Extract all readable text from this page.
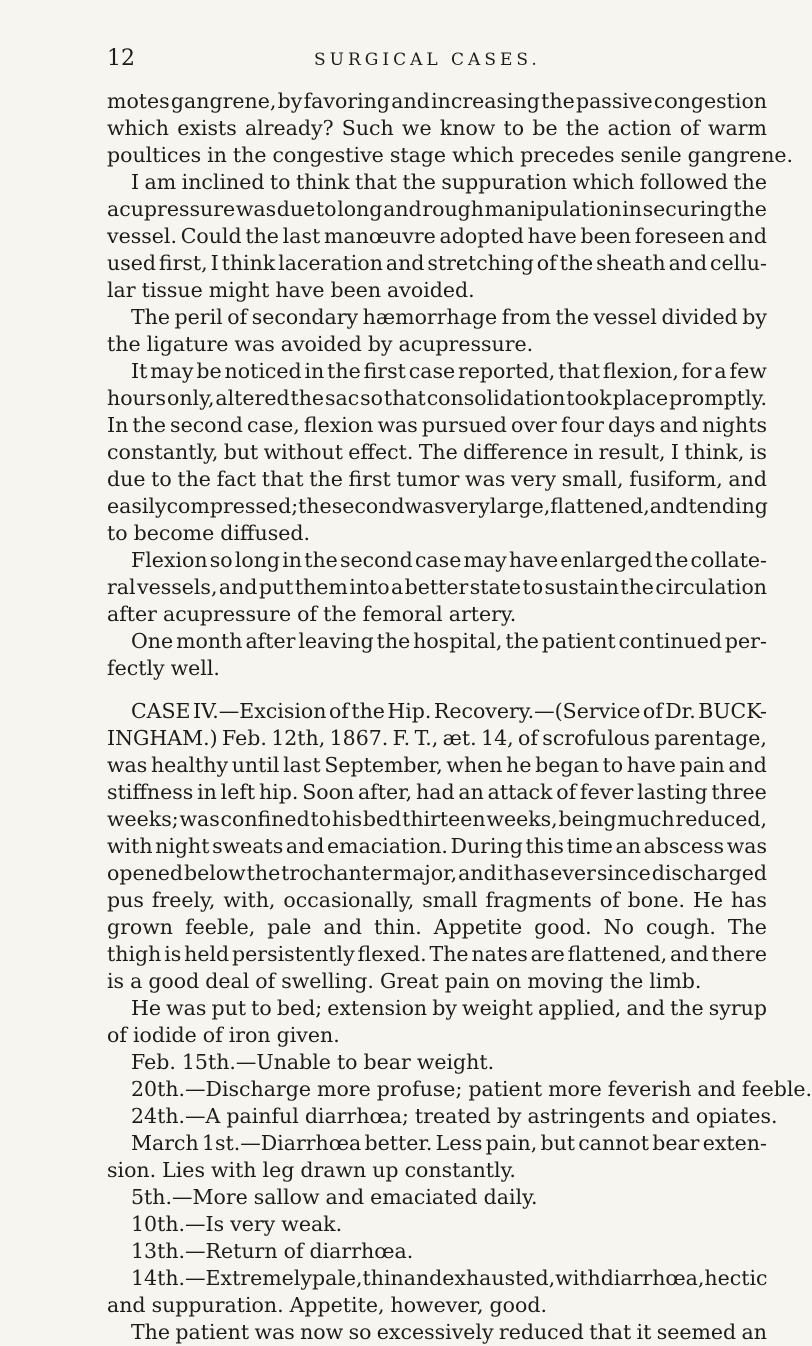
12	SURGICAL CASES.
motes gangrene, by favoring and increasing the passive congestion
which exists already? Such we know to be the action of warm
poultices in the congestive stage which precedes senile gangrene.
I am inclined to think that the suppuration which followed the
acupressure was due to long and rough manipulation in securing the
vessel. Could the last manœuvre adopted have been foreseen and
used first, I think laceration and stretching of the sheath and cellu-
lar tissue might have been avoided.
The peril of secondary hæmorrhage from the vessel divided by
the ligature was avoided by acupressure.
It may be noticed in the first case reported, that flexion, for a few
hours only, altered the sac so that consolidation took place promptly.
In the second case, flexion was pursued over four days and nights
constantly, but without effect. The difference in result, I think, is
due to the fact that the first tumor was very small, fusiform, and
easily compressed; the second was very large, flattened, and tending
to become diffused.
Flexion so long in the second case may have enlarged the collate-
ral vessels, and put them into a better state to sustain the circulation
after acupressure of the femoral artery.
One month after leaving the hospital, the patient continued per-
fectly well.
CASE IV.—Excision of the Hip. Recovery.—(Service of Dr. BUCK-
INGHAM.) Feb. 12th, 1867. F. T., æt. 14, of scrofulous parentage,
was healthy until last September, when he began to have pain and
stiffness in left hip. Soon after, had an attack of fever lasting three
weeks; was confined to his bed thirteen weeks, being much reduced,
with night sweats and emaciation. During this time an abscess was
opened below the trochanter major, and it has ever since discharged
pus freely, with, occasionally, small fragments of bone. He has
grown feeble, pale and thin. Appetite good. No cough. The
thigh is held persistently flexed. The nates are flattened, and there
is a good deal of swelling. Great pain on moving the limb.
He was put to bed; extension by weight applied, and the syrup
of iodide of iron given.
Feb. 15th.—Unable to bear weight.
20th.—Discharge more profuse; patient more feverish and feeble.
24th.—A painful diarrhœa; treated by astringents and opiates.
March 1st.—Diarrhœa better. Less pain, but cannot bear exten-
sion. Lies with leg drawn up constantly.
5th.—More sallow and emaciated daily.
10th.—Is very weak.
13th.—Return of diarrhœa.
14th.—Extremely pale, thin and exhausted, with diarrhœa, hectic
and suppuration. Appetite, however, good.
The patient was now so excessively reduced that it seemed an
